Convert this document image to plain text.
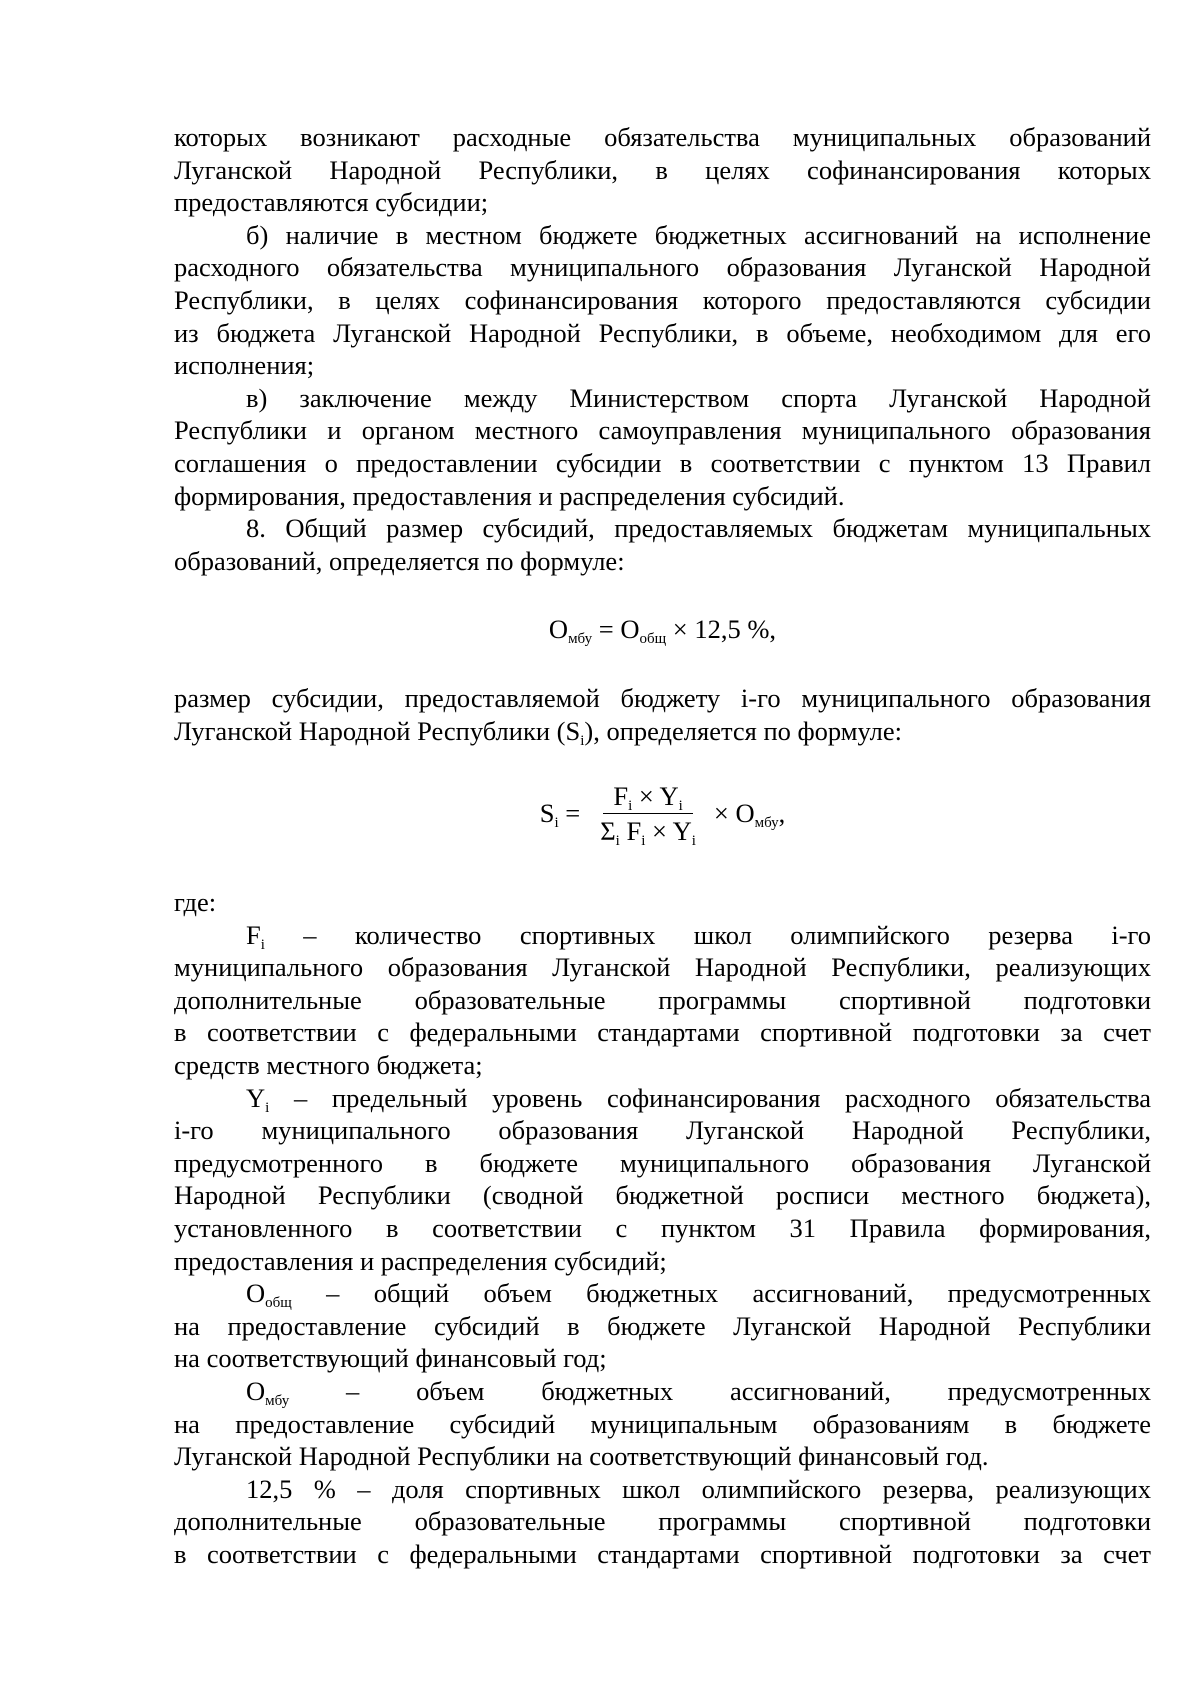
которых возникают расходные обязательства муниципальных образований

Луганской Народной Республики, в целях софинансирования которых

предоставляются субсидии;

б) наличие в местном бюджете бюджетных ассигнований на исполнение

расходного обязательства муниципального образования Луганской Народной

Республики, в целях софинансирования которого предоставляются субсидии

из бюджета Луганской Народной Республики, в объеме, необходимом для его

исполнения;

в) заключение между Министерством спорта Луганской Народной

Республики и органом местного самоуправления муниципального образования

соглашения о предоставлении субсидии в соответствии с пунктом 13 Правил

формирования, предоставления и распределения субсидий.

8. Общий размер субсидий, предоставляемых бюджетам муниципальных

образований, определяется по формуле:

$О_{мбу} = О_{общ} \times 12,5$ %,

размер субсидии, предоставляемой бюджету i-го муниципального образования

Луганской Народной Республики $(S_i)$, определяется по формуле:

$S_i = \frac{F_i \times Y_i}{\Sigma_i F_i \times Y_i} \times О_{мбу}$,

где:

$F_i$ – количество спортивных школ олимпийского резерва i-го

муниципального образования Луганской Народной Республики, реализующих

дополнительные образовательные программы спортивной подготовки

в соответствии с федеральными стандартами спортивной подготовки за счет

средств местного бюджета;

$Y_i$ – предельный уровень софинансирования расходного обязательства

i-го муниципального образования Луганской Народной Республики,

предусмотренного в бюджете муниципального образования Луганской

Народной Республики (сводной бюджетной росписи местного бюджета),

установленного в соответствии с пунктом 31 Правила формирования,

предоставления и распределения субсидий;

$О_{общ}$ – общий объем бюджетных ассигнований, предусмотренных

на предоставление субсидий в бюджете Луганской Народной Республики

на соответствующий финансовый год;

$О_{мбу}$ – объем бюджетных ассигнований, предусмотренных

на предоставление субсидий муниципальным образованиям в бюджете

Луганской Народной Республики на соответствующий финансовый год.

12,5 % – доля спортивных школ олимпийского резерва, реализующих

дополнительные образовательные программы спортивной подготовки

в соответствии с федеральными стандартами спортивной подготовки за счет
